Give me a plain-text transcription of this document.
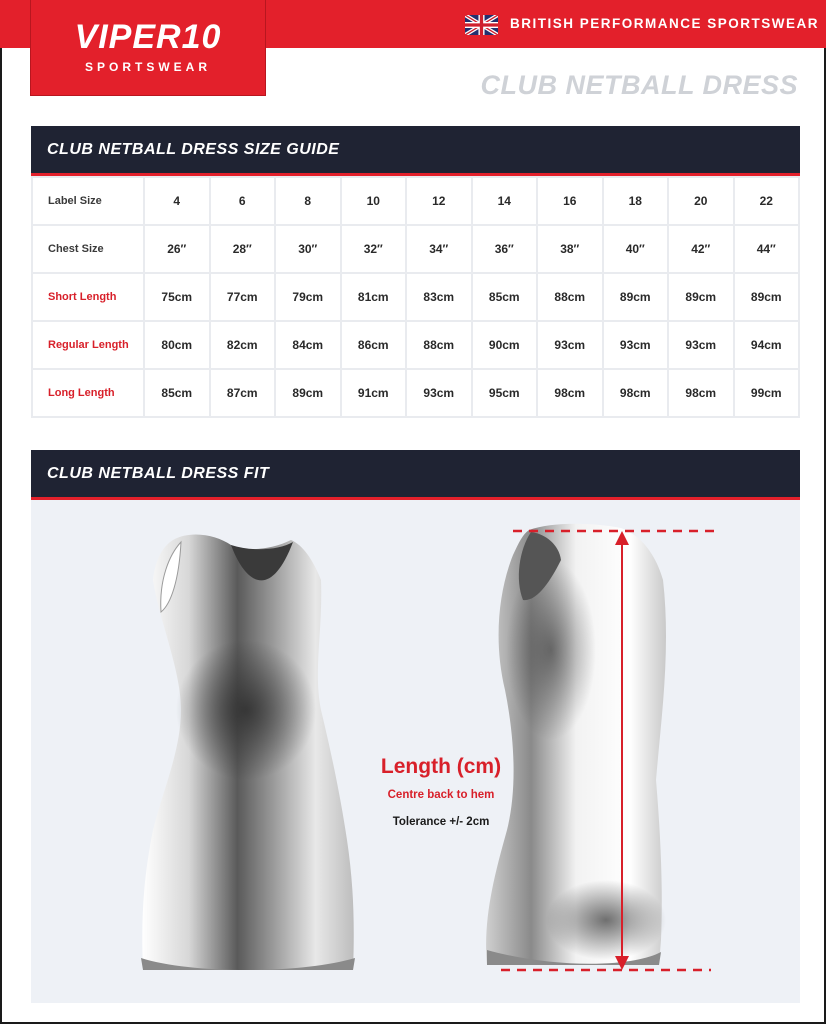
VIPER10
SPORTSWEAR
BRITISH PERFORMANCE SPORTSWEAR
CLUB NETBALL DRESS
CLUB NETBALL DRESS SIZE GUIDE
Label Size	4	6	8	10	12	14	16	18	20	22
Chest Size	26″	28″	30″	32″	34″	36″	38″	40″	42″	44″
Short Length	75cm	77cm	79cm	81cm	83cm	85cm	88cm	89cm	89cm	89cm
Regular Length	80cm	82cm	84cm	86cm	88cm	90cm	93cm	93cm	93cm	94cm
Long Length	85cm	87cm	89cm	91cm	93cm	95cm	98cm	98cm	98cm	99cm
CLUB NETBALL DRESS FIT
Length (cm)
Centre back to hem
Tolerance +/- 2cm
